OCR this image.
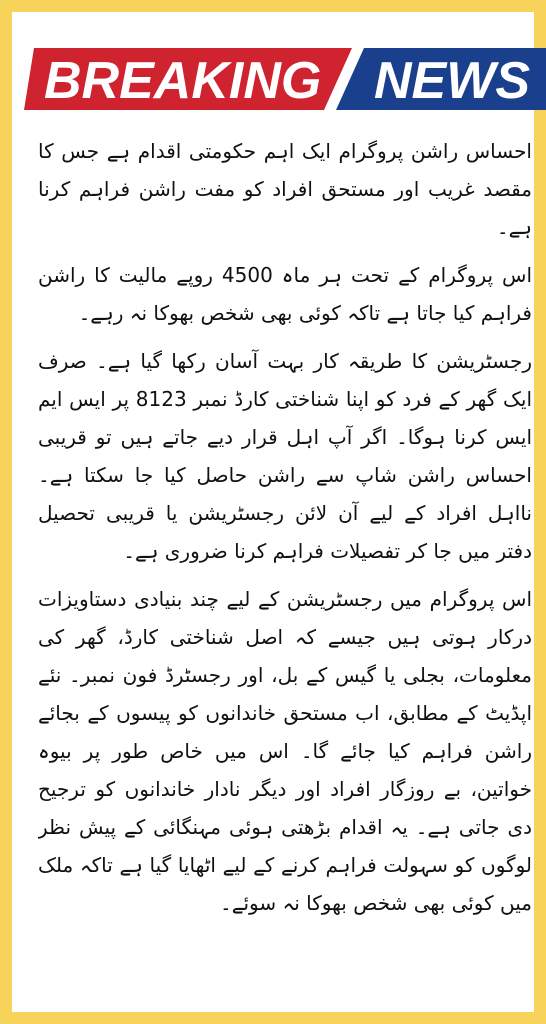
BREAKING NEWS

احساس راشن پروگرام ایک اہم حکومتی اقدام ہے جس کا مقصد غریب اور مستحق افراد کو مفت راشن فراہم کرنا ہے۔

اس پروگرام کے تحت ہر ماہ 4500 روپے مالیت کا راشن فراہم کیا جاتا ہے تاکہ کوئی بھی شخص بھوکا نہ رہے۔

رجسٹریشن کا طریقہ کار بہت آسان رکھا گیا ہے۔ صرف ایک گھر کے فرد کو اپنا شناختی کارڈ نمبر 8123 پر ایس ایم ایس کرنا ہوگا۔ اگر آپ اہل قرار دیے جاتے ہیں تو قریبی احساس راشن شاپ سے راشن حاصل کیا جا سکتا ہے۔ نااہل افراد کے لیے آن لائن رجسٹریشن یا قریبی تحصیل دفتر میں جا کر تفصیلات فراہم کرنا ضروری ہے۔

اس پروگرام میں رجسٹریشن کے لیے چند بنیادی دستاویزات درکار ہوتی ہیں جیسے کہ اصل شناختی کارڈ، گھر کی معلومات، بجلی یا گیس کے بل، اور رجسٹرڈ فون نمبر۔ نئے اپڈیٹ کے مطابق، اب مستحق خاندانوں کو پیسوں کے بجائے راشن فراہم کیا جائے گا۔ اس میں خاص طور پر بیوہ خواتین، بے روزگار افراد اور دیگر نادار خاندانوں کو ترجیح دی جاتی ہے۔ یہ اقدام بڑھتی ہوئی مہنگائی کے پیش نظر لوگوں کو سہولت فراہم کرنے کے لیے اٹھایا گیا ہے تاکہ ملک میں کوئی بھی شخص بھوکا نہ سوئے۔
